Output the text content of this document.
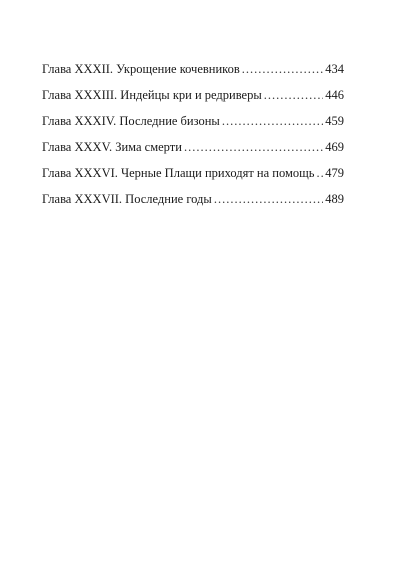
Глава XXXII. Укрощение кочевников .....	434
Глава XXXIII. Индейцы кри и редриверы .....	446
Глава XXXIV. Последние бизоны .....	459
Глава XXXV. Зима смерти .....	469
Глава XXXVI. Черные Плащи приходят на помощь ..... 479
Глава XXXVII. Последние годы .....	489
